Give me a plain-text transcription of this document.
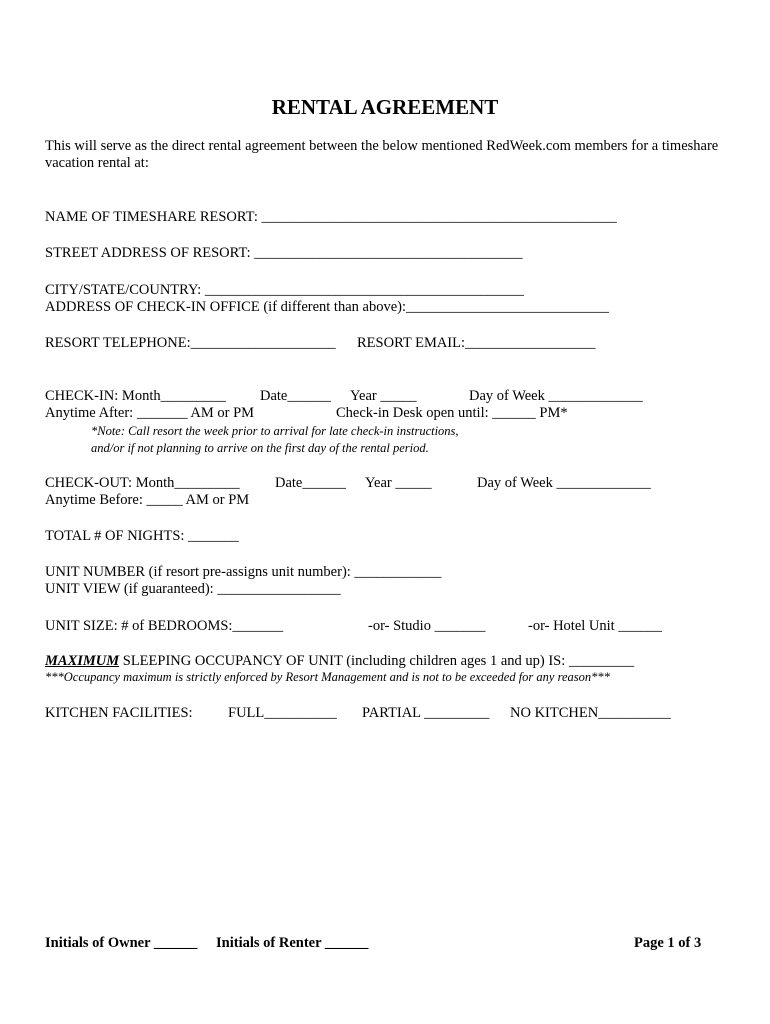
RENTAL AGREEMENT
This will serve as the direct rental agreement between the below mentioned RedWeek.com members for a timeshare vacation rental at:
NAME OF TIMESHARE RESORT: _________________________________________________
STREET ADDRESS OF RESORT: _____________________________________
CITY/STATE/COUNTRY: ____________________________________________
ADDRESS OF CHECK-IN OFFICE (if different than above):____________________________
RESORT TELEPHONE:____________________ RESORT EMAIL:__________________
CHECK-IN: Month_________ Date______ Year _____	Day of Week _____________
Anytime After: _______ AM or PM	Check-in Desk open until: ______ PM*
*Note: Call resort the week prior to arrival for late check-in instructions,
and/or if not planning to arrive on the first day of the rental period.
CHECK-OUT: Month_________ Date______ Year _____	Day of Week _____________
Anytime Before: _____ AM or PM
TOTAL # OF NIGHTS: _______
UNIT NUMBER (if resort pre-assigns unit number): ____________
UNIT VIEW (if guaranteed): _________________
UNIT SIZE: # of BEDROOMS:_______	-or- Studio _______	-or- Hotel Unit ______
MAXIMUM SLEEPING OCCUPANCY OF UNIT (including children ages 1 and up) IS: _________
***Occupancy maximum is strictly enforced by Resort Management and is not to be exceeded for any reason***
KITCHEN FACILITIES: FULL__________ PARTIAL _________ NO KITCHEN__________
Initials of Owner ______ Initials of Renter ______	Page 1 of 3
